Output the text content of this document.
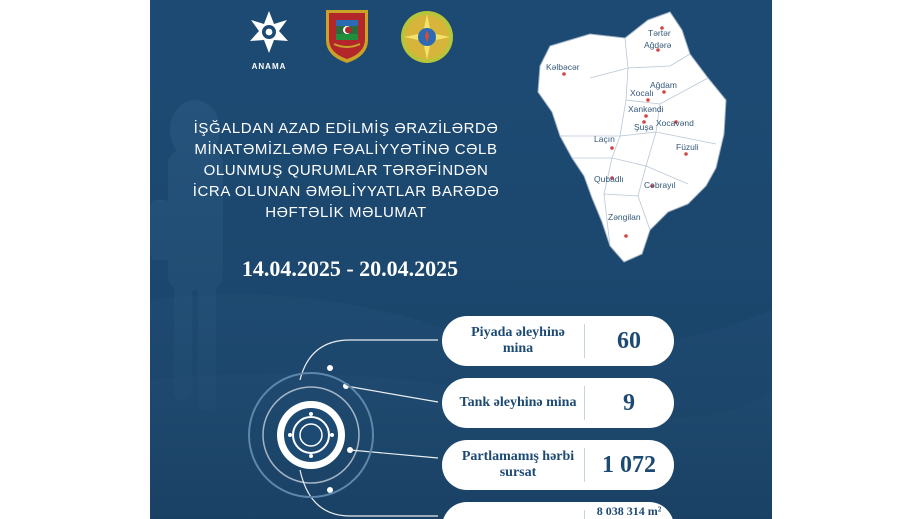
ANAMA
İŞĞALDAN AZAD EDİLMİŞ ƏRAZİLƏRDƏ
MİNATƏMİZLƏMƏ FƏALİYYƏTİNƏ CƏLB
OLUNMUŞ QURUMLAR TƏRƏFİNDƏN
İCRA OLUNAN ƏMƏLİYYATLAR BARƏDƏ
HƏFTƏLİK MƏLUMAT
14.04.2025 - 20.04.2025
Tərtər
Ağdərə
Kəlbəcər
Ağdam
Xocalı
Xankəndi
Xocavənd
Laçın
Şuşa
Füzuli
Qubadlı
Cəbrayıl
Zəngilan
Piyada əleyhinə mina	60
Tank əleyhinə mina	9
Partlamamış hərbi sursat	1 072
8 038 314 m²
